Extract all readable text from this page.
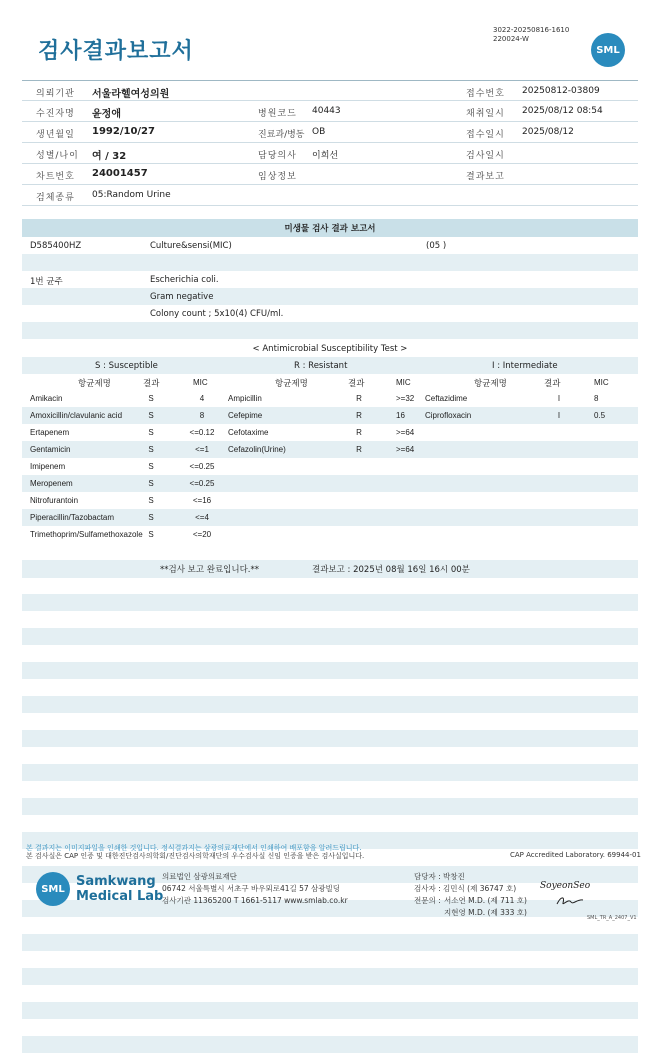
검사결과보고서
3022-20250816-1610
220024-W
SML
의뢰기관 서울라헬여성의원	접수번호 20250812-03809
수진자명 윤정애	병원코드 40443	채취일시 2025/08/12 08:54
생년월일 1992/10/27	진료과/병동 OB	접수일시 2025/08/12
성별/나이 여 / 32	담당의사 이희선	검사일시
차트번호 24001457	임상정보	결과보고
검체종류 05:Random Urine
미생물 검사 결과 보고서
D585400HZ	Culture&sensi(MIC)	(05 )
1번 균주	Escherichia coli.
Gram negative
Colony count ; 5x10(4) CFU/ml.
< Antimicrobial Susceptibility Test >
S : Susceptible	R : Resistant	I : Intermediate
항균제명	결과	MIC	항균제명	결과	MIC	항균제명	결과	MIC
Amikacin	S	4	Ampicillin	R	>=32 Ceftazidime	I	8
Amoxicillin/clavulanic acid	S	8	Cefepime	R	16	Ciprofloxacin	I	0.5
Ertapenem	S	<=0.12	Cefotaxime	R	>=64
Gentamicin	S	<=1	Cefazolin(Urine)	R	>=64
Imipenem	S	<=0.25
Meropenem	S	<=0.25
Nitrofurantoin	S	<=16
Piperacillin/Tazobactam	S	<=4
Trimethoprim/Sulfamethoxazole S	<=20
**검사 보고 완료입니다.**	결과보고 : 2025년 08월 16일 16시 00분
본 결과지는 이미지파일을 인쇄한 것입니다. 정식결과지는 삼광의료재단에서 인쇄하여 배포함을 알려드립니다.
본 검사실은 CAP 인증 및 대한진단검사의학회/진단검사의학재단의 우수검사실 신임 인증을 받은 검사실입니다.	CAP Accredited Laboratory. 69944-01
SML Samkwang
Medical Lab
의료법인 삼광의료재단
06742 서울특별시 서초구 바우뫼로41길 57 삼광빌딩
검사기관 11365200 T 1661-5117 www.smlab.co.kr
담당자 : 박창진
검사자 : 김민식 (제 36747 호)
전문의 : 서소연 M.D. (제 711 호)
지현영 M.D. (제 333 호)
SoyeonSeo
SML_TR_A_2407_V1
